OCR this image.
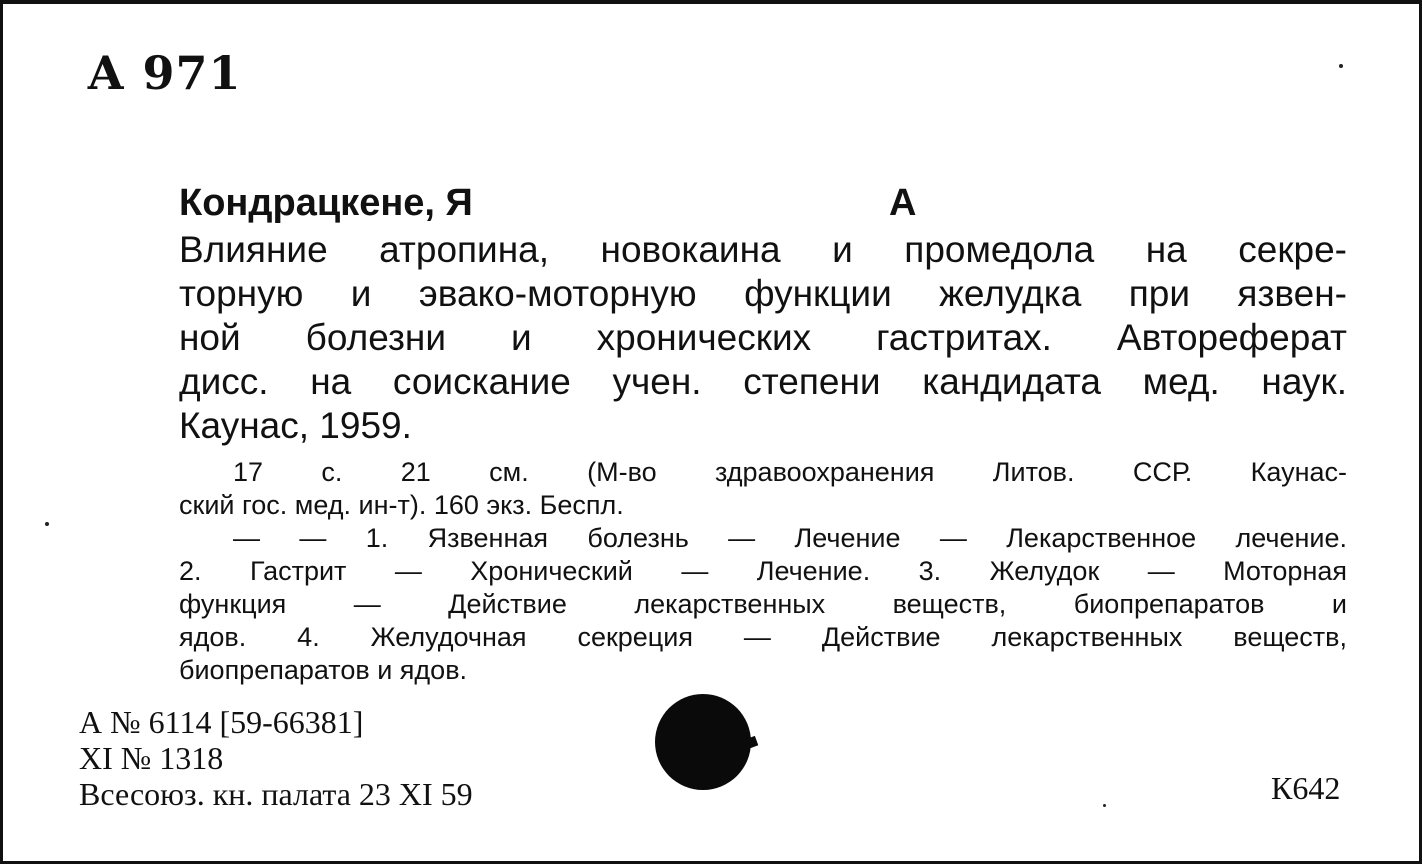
А 971
Кондрацкене, Я	А
Влияние атропина, новокаина и промедола на секре-
торную и эвако-моторную функции желудка при язвен-
ной болезни и хронических гастритах. Автореферат
дисс. на соискание учен. степени кандидата мед. наук.
Каунас, 1959.
17 с. 21 см. (М-во здравоохранения Литов. ССР. Каунас-
ский гос. мед. ин-т). 160 экз. Беспл.
— — 1. Язвенная болезнь — Лечение — Лекарственное лечение.
2. Гастрит — Хронический — Лечение. 3. Желудок — Моторная
функция — Действие лекарственных веществ, биопрепаратов и
ядов. 4. Желудочная секреция — Действие лекарственных веществ,
биопрепаратов и ядов.
А № 6114 [59-66381]
XI № 1318
Всесоюз. кн. палата 23 XI 59	К642
